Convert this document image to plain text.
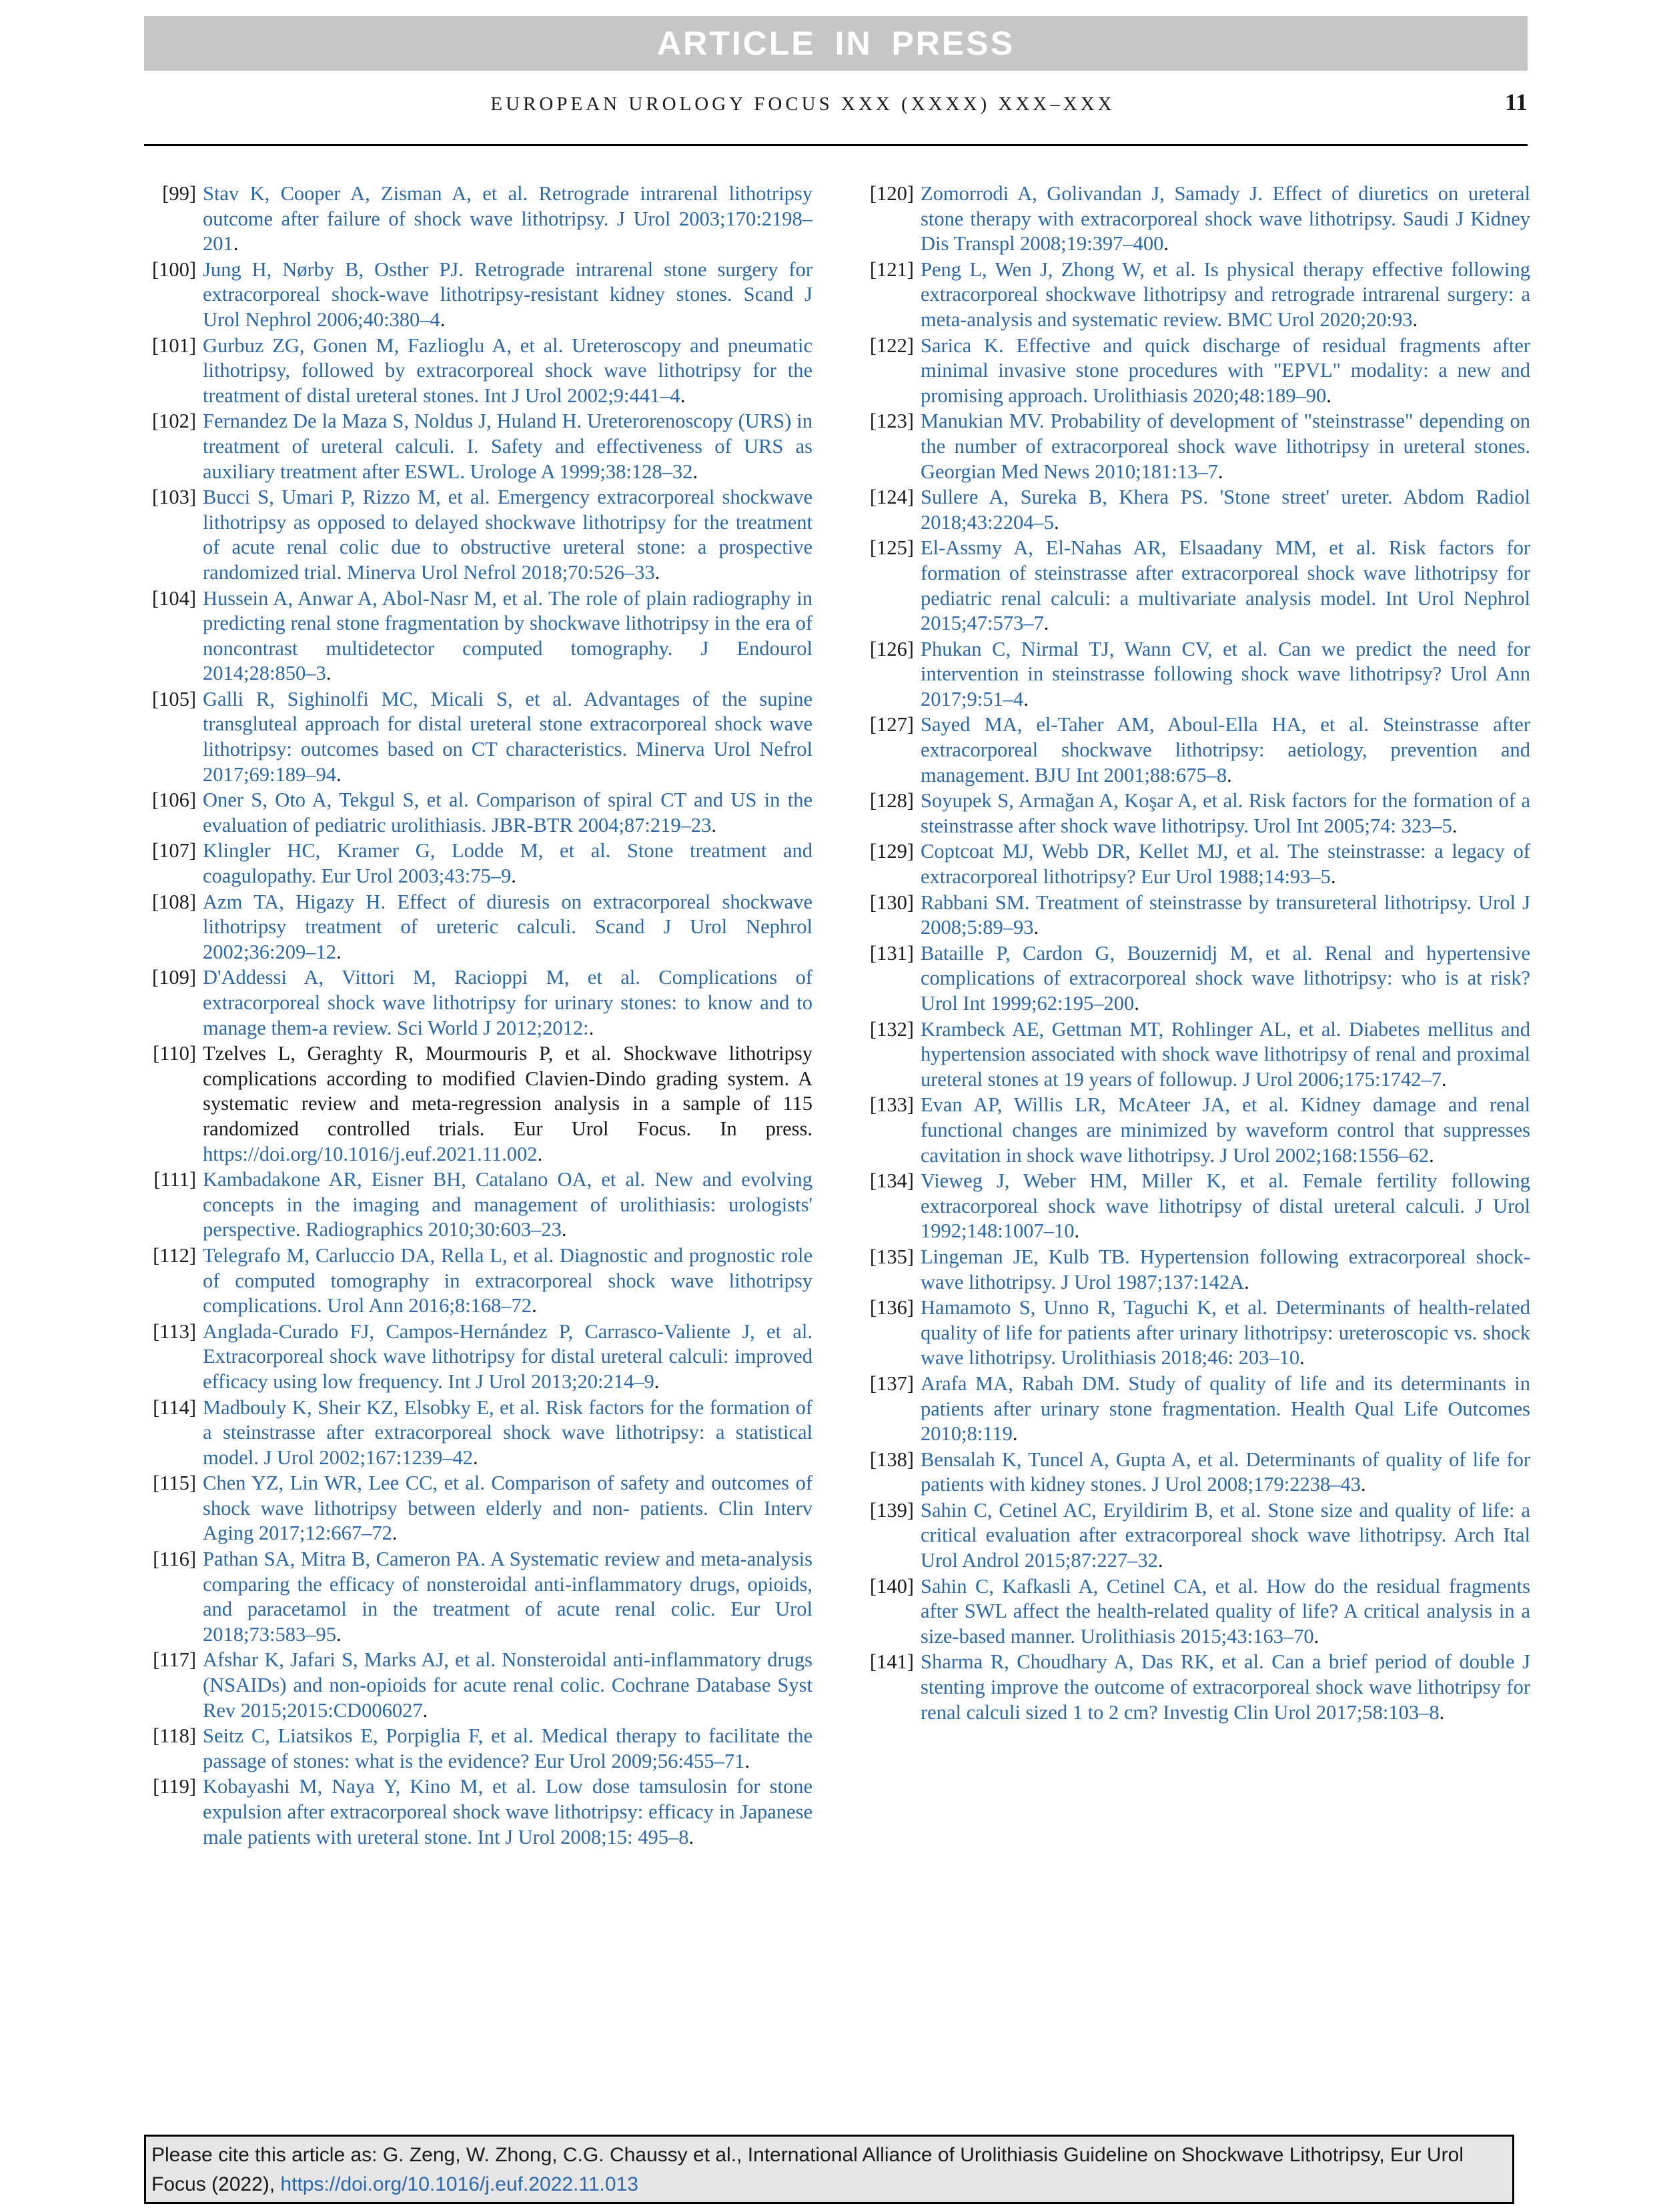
ARTICLE IN PRESS
EUROPEAN UROLOGY FOCUS XXX (XXXX) XXX–XXX	11
[99] Stav K, Cooper A, Zisman A, et al. Retrograde intrarenal lithotripsy outcome after failure of shock wave lithotripsy. J Urol 2003;170:2198–201.
[100] Jung H, Nørby B, Osther PJ. Retrograde intrarenal stone surgery for extracorporeal shock-wave lithotripsy-resistant kidney stones. Scand J Urol Nephrol 2006;40:380–4.
[101] Gurbuz ZG, Gonen M, Fazlioglu A, et al. Ureteroscopy and pneumatic lithotripsy, followed by extracorporeal shock wave lithotripsy for the treatment of distal ureteral stones. Int J Urol 2002;9:441–4.
[102] Fernandez De la Maza S, Noldus J, Huland H. Ureterorenoscopy (URS) in treatment of ureteral calculi. I. Safety and effectiveness of URS as auxiliary treatment after ESWL. Urologe A 1999;38:128–32.
[103] Bucci S, Umari P, Rizzo M, et al. Emergency extracorporeal shockwave lithotripsy as opposed to delayed shockwave lithotripsy for the treatment of acute renal colic due to obstructive ureteral stone: a prospective randomized trial. Minerva Urol Nefrol 2018;70:526–33.
[104] Hussein A, Anwar A, Abol-Nasr M, et al. The role of plain radiography in predicting renal stone fragmentation by shockwave lithotripsy in the era of noncontrast multidetector computed tomography. J Endourol 2014;28:850–3.
[105] Galli R, Sighinolfi MC, Micali S, et al. Advantages of the supine transgluteal approach for distal ureteral stone extracorporeal shock wave lithotripsy: outcomes based on CT characteristics. Minerva Urol Nefrol 2017;69:189–94.
[106] Oner S, Oto A, Tekgul S, et al. Comparison of spiral CT and US in the evaluation of pediatric urolithiasis. JBR-BTR 2004;87:219–23.
[107] Klingler HC, Kramer G, Lodde M, et al. Stone treatment and coagulopathy. Eur Urol 2003;43:75–9.
[108] Azm TA, Higazy H. Effect of diuresis on extracorporeal shockwave lithotripsy treatment of ureteric calculi. Scand J Urol Nephrol 2002;36:209–12.
[109] D'Addessi A, Vittori M, Racioppi M, et al. Complications of extracorporeal shock wave lithotripsy for urinary stones: to know and to manage them-a review. Sci World J 2012;2012:.
[110] Tzelves L, Geraghty R, Mourmouris P, et al. Shockwave lithotripsy complications according to modified Clavien-Dindo grading system. A systematic review and meta-regression analysis in a sample of 115 randomized controlled trials. Eur Urol Focus. In press. https://doi.org/10.1016/j.euf.2021.11.002.
[111] Kambadakone AR, Eisner BH, Catalano OA, et al. New and evolving concepts in the imaging and management of urolithiasis: urologists' perspective. Radiographics 2010;30:603–23.
[112] Telegrafo M, Carluccio DA, Rella L, et al. Diagnostic and prognostic role of computed tomography in extracorporeal shock wave lithotripsy complications. Urol Ann 2016;8:168–72.
[113] Anglada-Curado FJ, Campos-Hernández P, Carrasco-Valiente J, et al. Extracorporeal shock wave lithotripsy for distal ureteral calculi: improved efficacy using low frequency. Int J Urol 2013;20:214–9.
[114] Madbouly K, Sheir KZ, Elsobky E, et al. Risk factors for the formation of a steinstrasse after extracorporeal shock wave lithotripsy: a statistical model. J Urol 2002;167:1239–42.
[115] Chen YZ, Lin WR, Lee CC, et al. Comparison of safety and outcomes of shock wave lithotripsy between elderly and non- patients. Clin Interv Aging 2017;12:667–72.
[116] Pathan SA, Mitra B, Cameron PA. A Systematic review and meta-analysis comparing the efficacy of nonsteroidal anti-inflammatory drugs, opioids, and paracetamol in the treatment of acute renal colic. Eur Urol 2018;73:583–95.
[117] Afshar K, Jafari S, Marks AJ, et al. Nonsteroidal anti-inflammatory drugs (NSAIDs) and non-opioids for acute renal colic. Cochrane Database Syst Rev 2015;2015:CD006027.
[118] Seitz C, Liatsikos E, Porpiglia F, et al. Medical therapy to facilitate the passage of stones: what is the evidence? Eur Urol 2009;56:455–71.
[119] Kobayashi M, Naya Y, Kino M, et al. Low dose tamsulosin for stone expulsion after extracorporeal shock wave lithotripsy: efficacy in Japanese male patients with ureteral stone. Int J Urol 2008;15: 495–8.
[120] Zomorrodi A, Golivandan J, Samady J. Effect of diuretics on ureteral stone therapy with extracorporeal shock wave lithotripsy. Saudi J Kidney Dis Transpl 2008;19:397–400.
[121] Peng L, Wen J, Zhong W, et al. Is physical therapy effective following extracorporeal shockwave lithotripsy and retrograde intrarenal surgery: a meta-analysis and systematic review. BMC Urol 2020;20:93.
[122] Sarica K. Effective and quick discharge of residual fragments after minimal invasive stone procedures with "EPVL" modality: a new and promising approach. Urolithiasis 2020;48:189–90.
[123] Manukian MV. Probability of development of "steinstrasse" depending on the number of extracorporeal shock wave lithotripsy in ureteral stones. Georgian Med News 2010;181:13–7.
[124] Sullere A, Sureka B, Khera PS. 'Stone street' ureter. Abdom Radiol 2018;43:2204–5.
[125] El-Assmy A, El-Nahas AR, Elsaadany MM, et al. Risk factors for formation of steinstrasse after extracorporeal shock wave lithotripsy for pediatric renal calculi: a multivariate analysis model. Int Urol Nephrol 2015;47:573–7.
[126] Phukan C, Nirmal TJ, Wann CV, et al. Can we predict the need for intervention in steinstrasse following shock wave lithotripsy? Urol Ann 2017;9:51–4.
[127] Sayed MA, el-Taher AM, Aboul-Ella HA, et al. Steinstrasse after extracorporeal shockwave lithotripsy: aetiology, prevention and management. BJU Int 2001;88:675–8.
[128] Soyupek S, Armağan A, Koşar A, et al. Risk factors for the formation of a steinstrasse after shock wave lithotripsy. Urol Int 2005;74: 323–5.
[129] Coptcoat MJ, Webb DR, Kellet MJ, et al. The steinstrasse: a legacy of extracorporeal lithotripsy? Eur Urol 1988;14:93–5.
[130] Rabbani SM. Treatment of steinstrasse by transureteral lithotripsy. Urol J 2008;5:89–93.
[131] Bataille P, Cardon G, Bouzernidj M, et al. Renal and hypertensive complications of extracorporeal shock wave lithotripsy: who is at risk? Urol Int 1999;62:195–200.
[132] Krambeck AE, Gettman MT, Rohlinger AL, et al. Diabetes mellitus and hypertension associated with shock wave lithotripsy of renal and proximal ureteral stones at 19 years of followup. J Urol 2006;175:1742–7.
[133] Evan AP, Willis LR, McAteer JA, et al. Kidney damage and renal functional changes are minimized by waveform control that suppresses cavitation in shock wave lithotripsy. J Urol 2002;168:1556–62.
[134] Vieweg J, Weber HM, Miller K, et al. Female fertility following extracorporeal shock wave lithotripsy of distal ureteral calculi. J Urol 1992;148:1007–10.
[135] Lingeman JE, Kulb TB. Hypertension following extracorporeal shock-wave lithotripsy. J Urol 1987;137:142A.
[136] Hamamoto S, Unno R, Taguchi K, et al. Determinants of health-related quality of life for patients after urinary lithotripsy: ureteroscopic vs. shock wave lithotripsy. Urolithiasis 2018;46: 203–10.
[137] Arafa MA, Rabah DM. Study of quality of life and its determinants in patients after urinary stone fragmentation. Health Qual Life Outcomes 2010;8:119.
[138] Bensalah K, Tuncel A, Gupta A, et al. Determinants of quality of life for patients with kidney stones. J Urol 2008;179:2238–43.
[139] Sahin C, Cetinel AC, Eryildirim B, et al. Stone size and quality of life: a critical evaluation after extracorporeal shock wave lithotripsy. Arch Ital Urol Androl 2015;87:227–32.
[140] Sahin C, Kafkasli A, Cetinel CA, et al. How do the residual fragments after SWL affect the health-related quality of life? A critical analysis in a size-based manner. Urolithiasis 2015;43:163–70.
[141] Sharma R, Choudhary A, Das RK, et al. Can a brief period of double J stenting improve the outcome of extracorporeal shock wave lithotripsy for renal calculi sized 1 to 2 cm? Investig Clin Urol 2017;58:103–8.
Please cite this article as: G. Zeng, W. Zhong, C.G. Chaussy et al., International Alliance of Urolithiasis Guideline on Shockwave Lithotripsy, Eur Urol Focus (2022), https://doi.org/10.1016/j.euf.2022.11.013
